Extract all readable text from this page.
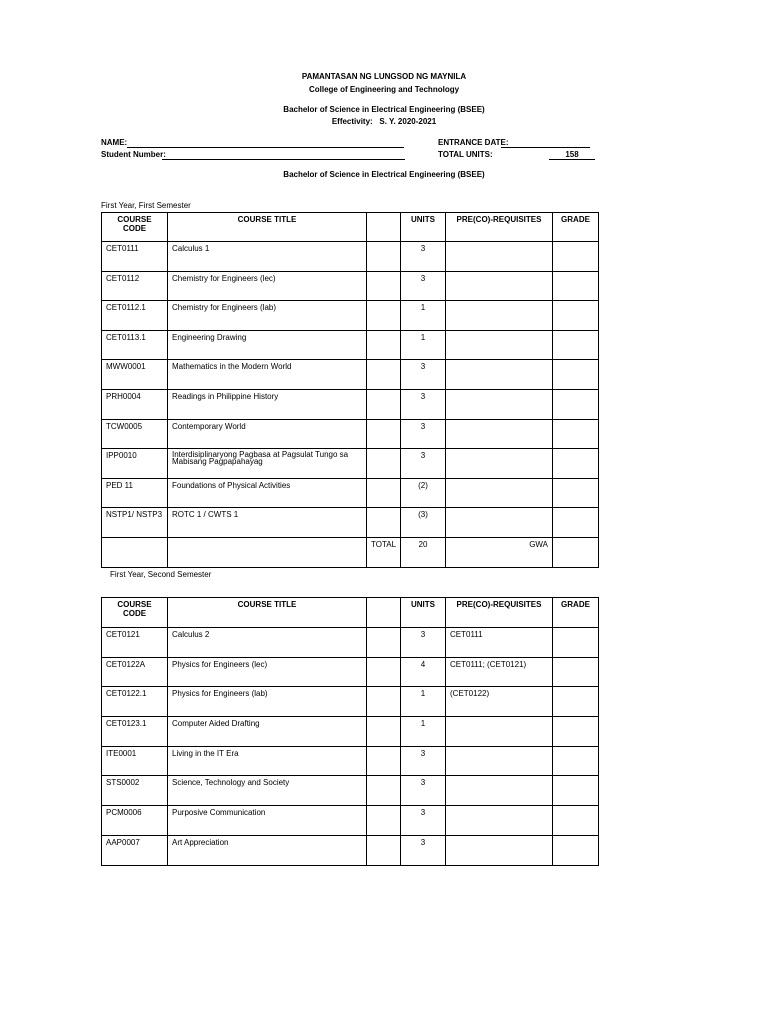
PAMANTASAN NG LUNGSOD NG MAYNILA
College of Engineering and Technology
Bachelor of Science in Electrical Engineering (BSEE)
Effectivity: S. Y. 2020-2021
NAME:
Student Number:
ENTRANCE DATE:
TOTAL UNITS:	158
Bachelor of Science in Electrical Engineering (BSEE)
First Year, First Semester
COURSE CODE	COURSE TITLE		UNITS	PRE(CO)-REQUISITES	GRADE
CET0111	Calculus 1		3		
CET0112	Chemistry for Engineers (lec)		3		
CET0112.1	Chemistry for Engineers (lab)		1		
CET0113.1	Engineering Drawing		1		
MWW0001	Mathematics in the Modern World		3		
PRH0004	Readings in Philippine History		3		
TCW0005	Contemporary World		3		
IPP0010	Interdisiplinaryong Pagbasa at Pagsulat Tungo sa Mabisang Pagpapahayag		3		
PED 11	Foundations of Physical Activities		(2)		
NSTP1/ NSTP3	ROTC 1 / CWTS 1		(3)		
		TOTAL	20	GWA	
First Year, Second Semester
COURSE CODE	COURSE TITLE		UNITS	PRE(CO)-REQUISITES	GRADE
CET0121	Calculus 2		3	CET0111	
CET0122A	Physics for Engineers (lec)		4	CET0111; (CET0121)	
CET0122.1	Physics for Engineers (lab)		1	(CET0122)	
CET0123.1	Computer Aided Drafting		1		
ITE0001	Living in the IT Era		3		
STS0002	Science, Technology and Society		3		
PCM0006	Purposive Communication		3		
AAP0007	Art Appreciation		3		
